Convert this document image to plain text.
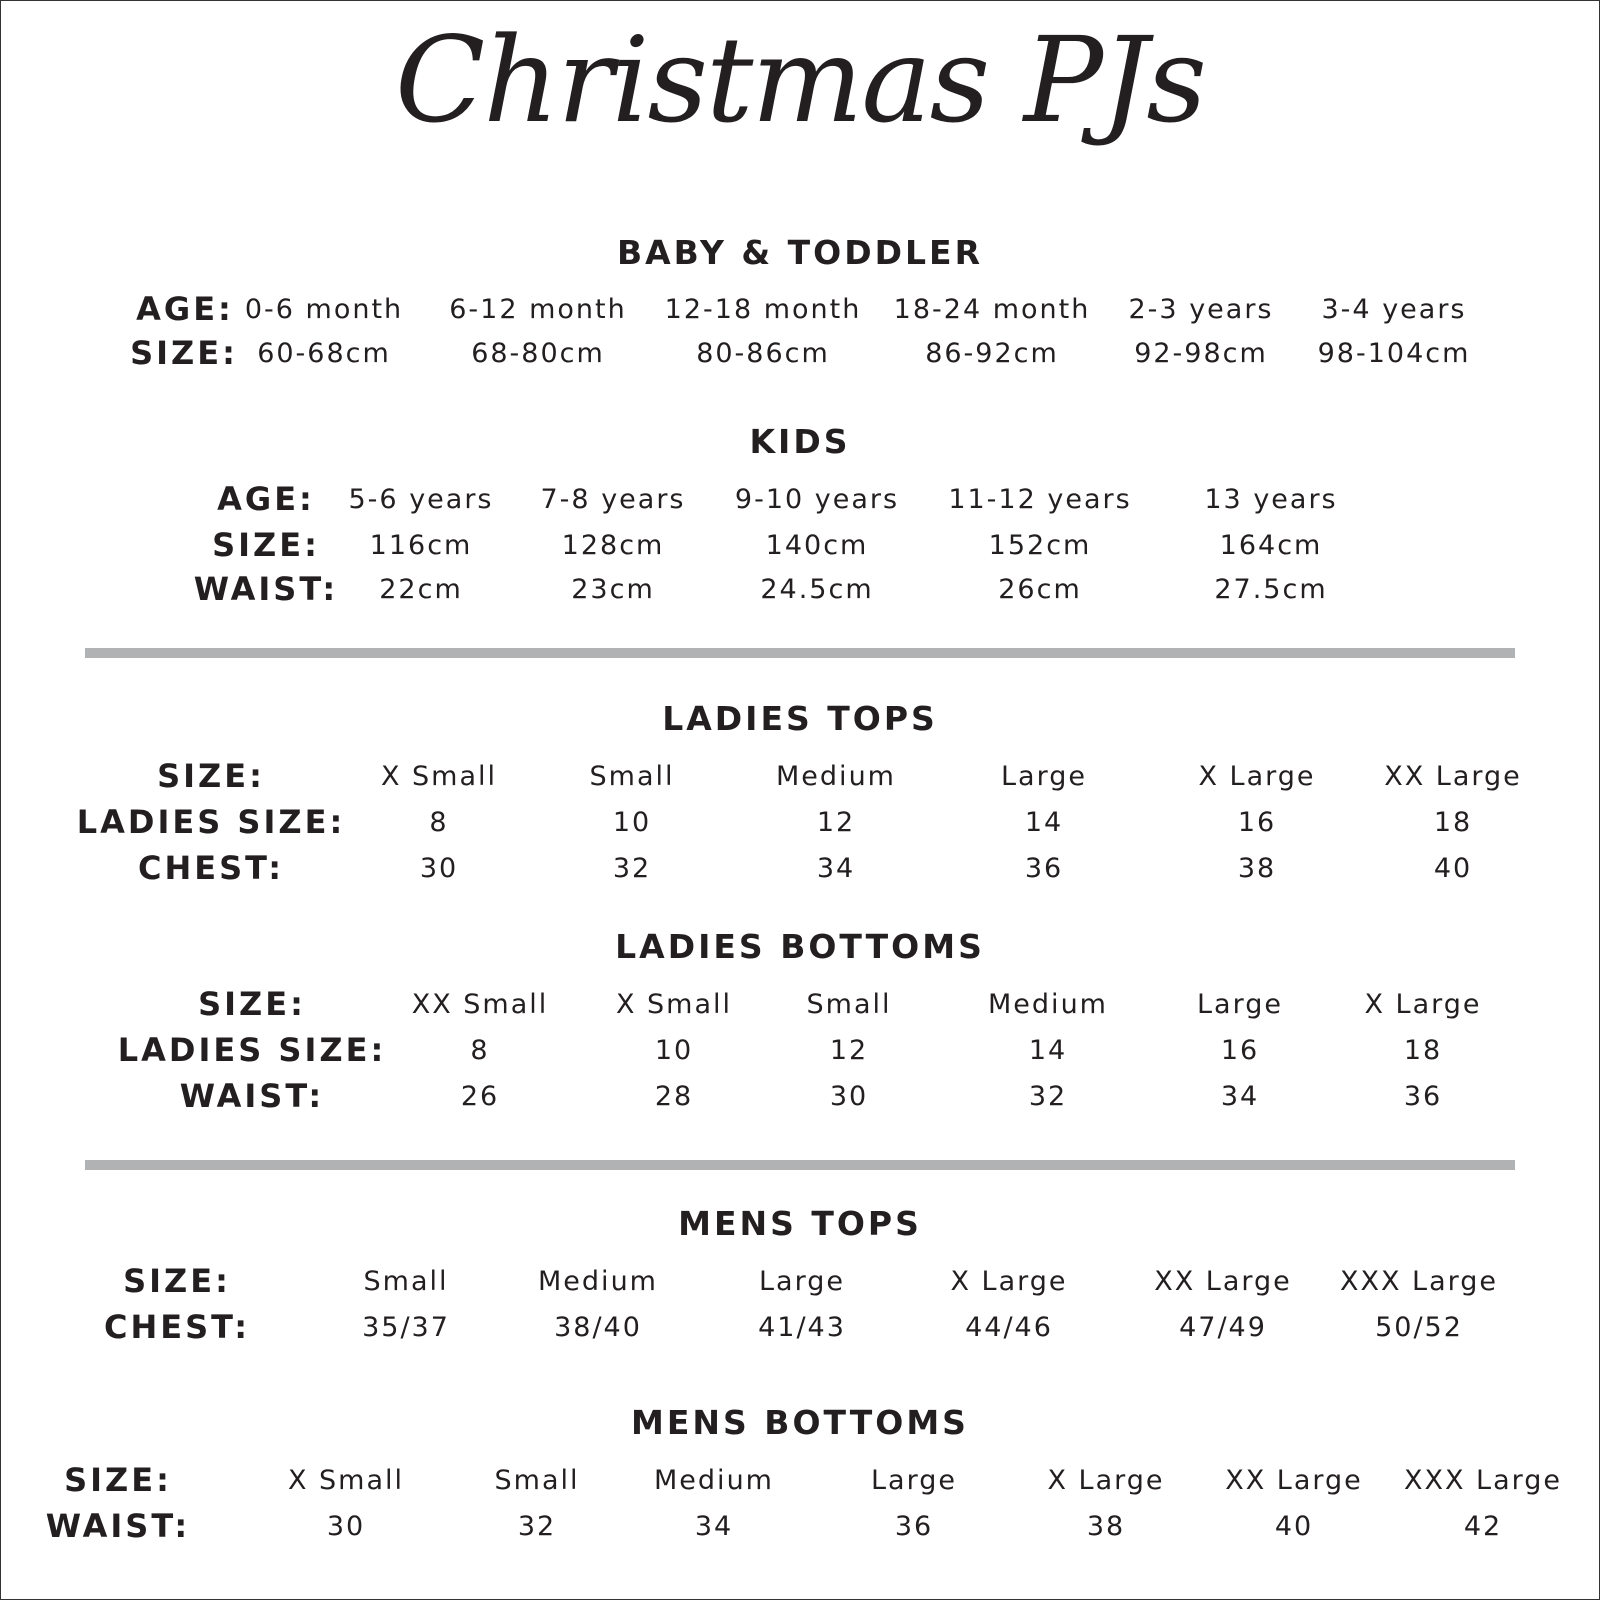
Christmas PJs
BABY & TODDLER
AGE: 0-6 month 6-12 month 12-18 month 18-24 month 2-3 years 3-4 years
SIZE: 60-68cm	68-80cm	80-86cm	86-92cm	92-98cm 98-104cm
KIDS
AGE: 5-6 years 7-8 years 9-10 years 11-12 years	13 years
SIZE: 116cm	128cm	140cm	152cm	164cm
WAIST: 22cm	23cm	24.5cm	26cm	27.5cm
LADIES TOPS
SIZE:	X Small	Small	Medium	Large	X Large	XX Large
LADIES SIZE:	8	10	12	14	16	18
CHEST:	30	32	34	36	38	40
LADIES BOTTOMS
SIZE:	XX Small	X Small	Small	Medium	Large	X Large
LADIES SIZE:	8	10	12	14	16	18
WAIST:	26	28	30	32	34	36
MENS TOPS
SIZE:	Small	Medium	Large	X Large	XX Large XXX Large
CHEST:	35/37	38/40	41/43	44/46	47/49	50/52
MENS BOTTOMS
SIZE:	X Small	Small	Medium	Large	X Large XX Large XXX Large
WAIST:	30	32	34	36	38	40	42
